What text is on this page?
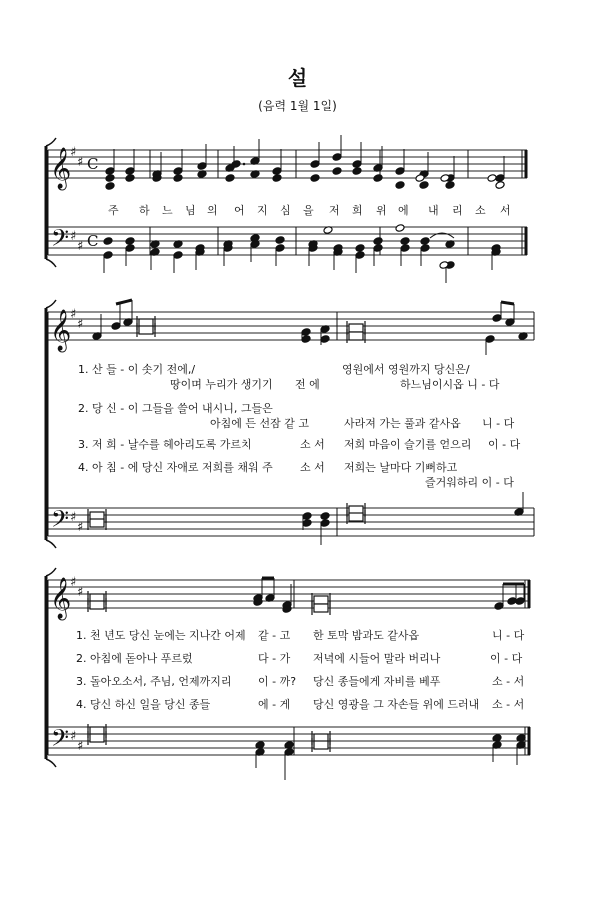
설
(음력 1월 1일)
𝄞
𝄢
♯
♯
♯
♯
C
C
𝄞
𝄢
♯
♯
♯
♯
𝄞
𝄢
♯
♯
♯
♯
주 하 느 님 의 어 지 심 을 저 희 위 에 내 리 소 서
1. 산 들 - 이 솟기 전에,/	영원에서 영원까지 당신은/
땅이며 누리가 생기기 전 에	하느님이시옵 니 - 다
2. 당 신 - 이 그들을 쓸어 내시니, 그들은
아침에 든 선잠 같 고	사라져 가는 풀과 같사옵 니 - 다
3. 저 희 - 날수를 헤아리도록 가르치	소 서 저희 마음이 슬기를 얻으리 이 - 다
4. 아 침 - 에 당신 자애로 저희를 채워 주 소 서 저희는 날마다 기뻐하고
즐거워하리 이 - 다
1. 천 년도 당신 눈에는 지나간 어제 같 - 고 한 토막 밤과도 같사옵	니 - 다
2. 아침에 돋아나 푸르렀	다 - 가 저녁에 시들어 말라 버리나	이 - 다
3. 돌아오소서, 주님, 언제까지리 이 - 까? 당신 종들에게 자비를 베푸	소 - 서
4. 당신 하신 일을 당신 종들	에 - 게 당신 영광을 그 자손들 위에 드러내 소 - 서
